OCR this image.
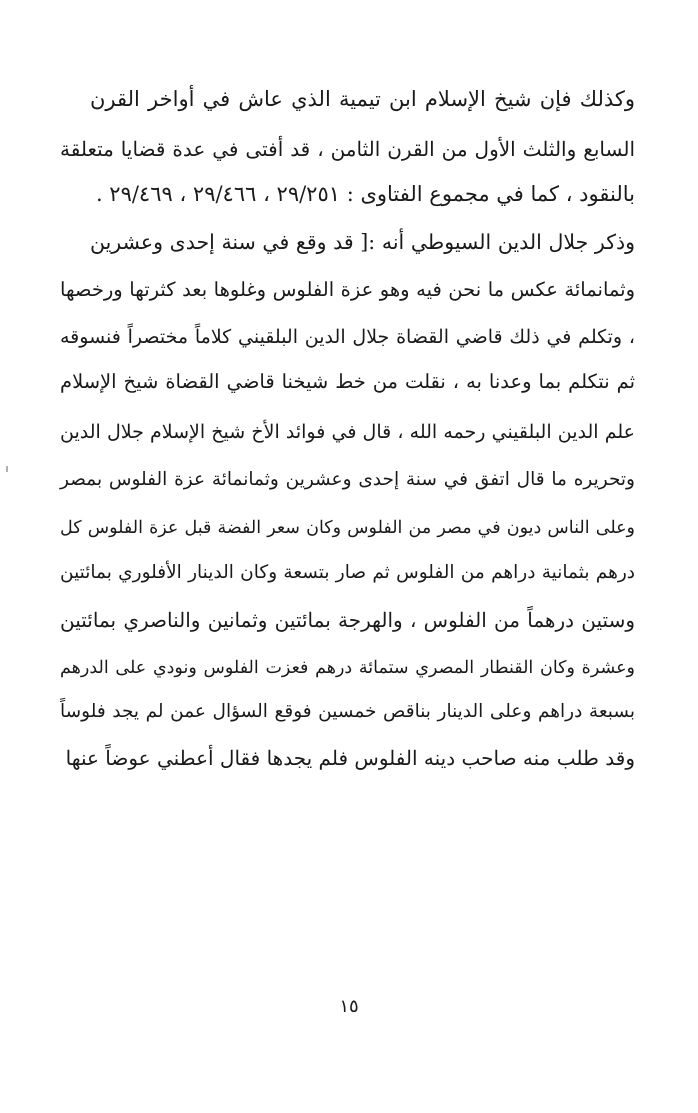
وكذلك فإن شيخ الإسلام ابن تيمية الذي عاش في أواخر القرن
السابع والثلث الأول من القرن الثامن ، قد أفتى في عدة قضايا متعلقة
بالنقود ، كما في مجموع الفتاوى : ٢٩/٢٥١ ، ٢٩/٤٦٦ ، ٢٩/٤٦٩ .
وذكر جلال الدين السيوطي أنه :[ قد وقع في سنة إحدى وعشرين
وثمانمائة عكس ما نحن فيه وهو عزة الفلوس وغلوها بعد كثرتها ورخصها
، وتكلم في ذلك قاضي القضاة جلال الدين البلقيني كلاماً مختصراً فنسوقه
ثم نتكلم بما وعدنا به ، نقلت من خط شيخنا قاضي القضاة شيخ الإسلام
علم الدين البلقيني رحمه الله ، قال في فوائد الأخ شيخ الإسلام جلال الدين
وتحريره ما قال اتفق في سنة إحدى وعشرين وثمانمائة عزة الفلوس بمصر
وعلى الناس ديون في مصر من الفلوس وكان سعر الفضة قبل عزة الفلوس كل
درهم بثمانية دراهم من الفلوس ثم صار بتسعة وكان الدينار الأفلوري بمائتين
وستين درهماً من الفلوس ، والهرجة بمائتين وثمانين والناصري بمائتين
وعشرة وكان القنطار المصري ستمائة درهم فعزت الفلوس ونودي على الدرهم
بسبعة دراهم وعلى الدينار بناقص خمسين فوقع السؤال عمن لم يجد فلوساً
وقد طلب منه صاحب دينه الفلوس فلم يجدها فقال أعطني عوضاً عنها
١٥
